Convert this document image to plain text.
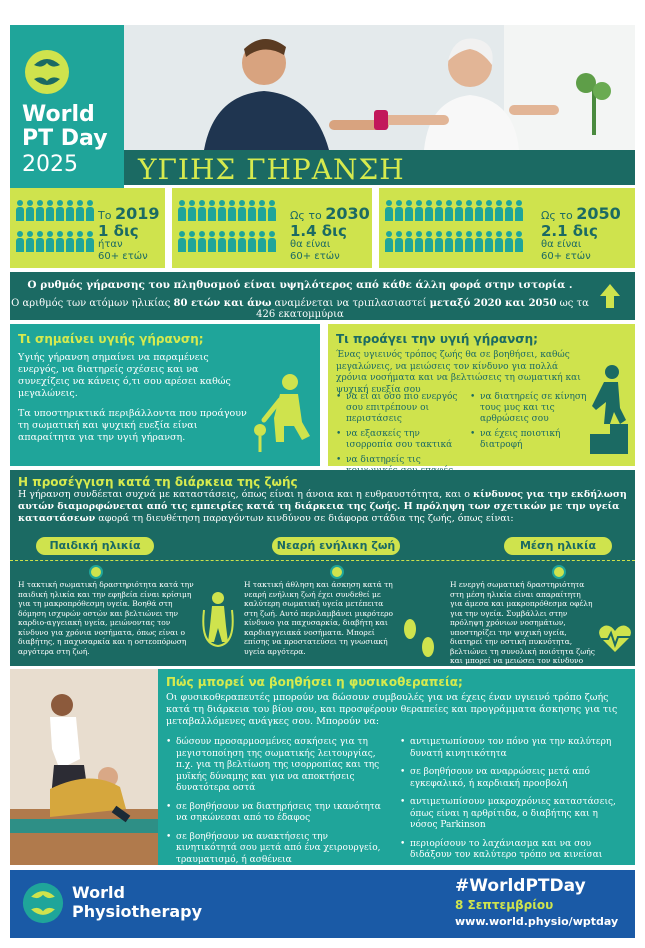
World
PT Day
2025 ΥΓΙΗΣ ΓΗΡΑΝΣΗ
Το 2019
1 δις
ήταν
60+ ετών
Ως το 2030
1.4 δις
θα είναι
60+ ετών
Ως το 2050
2.1 δις
θα είναι
60+ ετών
Ο ρυθμός γήρανσης του πληθυσμού είναι υψηλότερος από κάθε άλλη φορά στην ιστορία .
Ο αριθμός των ατόμων ηλικίας 80 ετών και άνω αναμένεται να τριπλασιαστεί μεταξύ 2020 και 2050 ως τα 426 εκατομμύρια
Τι σημαίνει υγιής γήρανση;

Υγιής γήρανση σημαίνει να παραμένεις ενεργός, να διατηρείς σχέσεις και να συνεχίζεις να κάνεις ό,τι σου αρέσει καθώς μεγαλώνεις.

Τα υποστηρικτικά περιβάλλοντα που προάγουν τη σωματική και ψυχική ευεξία είναι απαραίτητα για την υγιή γήρανση.

Τι προάγει την υγιή γήρανση;

Ένας υγιεινός τρόπος ζωής θα σε βοηθήσει, καθώς μεγαλώνεις, να μειώσεις τον κίνδυνο για πολλά χρόνια νοσήματα και να βελτιώσεις τη σωματική και ψυχική ευεξία σου

• να εί αι όσο πιο ενεργός σου επιτρέπουν οι περιστάσεις
• να εξασκείς την ισορροπία σου τακτικά
• να διατηρείς τις
• να διατηρείς σε κίνηση τους μυς και τις αρθρώσεις σου
• να έχεις ποιοτική διατροφή
Η προσέγγιση κατά τη διάρκεια της ζωής

Η γήρανση συνδέεται συχνά με καταστάσεις, όπως είναι η άνοια και η ευθραυστότητα, και ο κίνδυνος για την εκδήλωση αυτών διαμορφώνεται από τις εμπειρίες κατά τη διάρκεια της ζωής. Η πρόληψη των σχετικών με την υγεία καταστάσεων αφορά τη διευθέτηση παραγόντων κινδύνου σε διάφορα στάδια της ζωής, όπως είναι:

Παιδική ηλικία	Νεαρή ενήλικη ζωή	Μέση ηλικία

Η τακτική σωματική δραστηριότητα κατά την παιδική ηλικία και την εφηβεία είναι κρίσιμη για τη μακροπρόθεσμη υγεία. Βοηθά στη δόμηση ισχυρών οστών και βελτιώνει την καρδιο-αγγειακή υγεία, μειώνοντας τον κίνδυνο για χρόνια νοσήματα, όπως είναι ο διαβήτης, η παχυσαρκία και η οστεοπόρωση αργότερα στη ζωή.

Η τακτική άθληση και άσκηση κατά τη νεαρή ενήλικη ζωή έχει συνδεθεί με καλύτερη σωματική υγεία μετέπειτα στη ζωή. Αυτό περιλαμβάνει μικρότερο κίνδυνο για παχυσαρκία, διαβήτη και καρδιαγγειακά νοσήματα. Μπορεί επίσης να προστατεύσει τη γνωσιακή υγεία αργότερα.

Η ενεργή σωματική δραστηριότητα στη μέση ηλικία είναι απαραίτητη για άμεσα και μακροπρόθεσμα οφέλη για την υγεία. Συμβάλλει στην πρόληψη χρόνιων νοσημάτων, υποστηρίζει την ψυχική υγεία, διατηρεί την οστική πυκνότητα, βελτιώνει τη συνολική ποιότητα ζωής και μπορεί να μειώσει τον κίνδυνο

Πώς μπορεί να βοηθήσει η φυσικοθεραπεία;

Οι φυσικοθεραπευτές μπορούν να δώσουν συμβουλές για να έχεις έναν υγιεινό τρόπο ζωής κατά τη διάρκεια του βίου σου, και προσφέρουν θεραπείες και προγράμματα άσκησης για τις μεταβαλλόμενες ανάγκες σου. Μπορούν να:

• δώσουν προσαρμοσμένες ασκήσεις για τη μεγιστοποίηση της σωματικής λειτουργίας, π.χ. για τη βελτίωση της ισορροπίας και της μυϊκής δύναμης και για να αποκτήσεις δυνατότερα οστά
• σε βοηθήσουν να διατηρήσεις την ικανότητα να σηκώνεσαι από το έδαφος
• σε βοηθήσουν να ανακτήσεις την κινητικότητά σου μετά από ένα χειρουργείο, τραυματισμό, ή ασθένεια
• αντιμετωπίσουν τον πόνο για την καλύτερη δυνατή κινητικότητα
• σε βοηθήσουν να αναρρώσεις μετά από εγκεφαλικό, ή καρδιακή προσβολή
• αντιμετωπίσουν μακροχρόνιες καταστάσεις, όπως είναι η αρθρίτιδα, ο διαβήτης και η νόσος Parkinson
• περιορίσουν το λαχάνιασμα και να σου διδάξουν τον καλύτερο τρόπο να κινείσαι
World
Physiotherapy
#WorldPTDay
8 Σεπτεμβρίου
www.world.physio/wptday
